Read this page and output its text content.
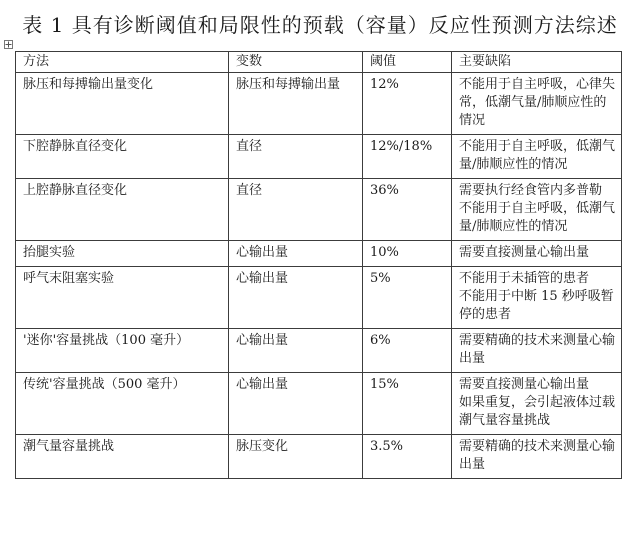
表 1 具有诊断阈值和局限性的预载（容量）反应性预测方法综述
方法	变数	阈值	主要缺陷
脉压和每搏输出量变化	脉压和每搏输出量	12%	不能用于自主呼吸，心律失常，低潮气量/肺顺应性的情况

下腔静脉直径变化	直径	12%/18%	不能用于自主呼吸，低潮气量/肺顺应性的情况

上腔静脉直径变化	直径	36%	需要执行经食管内多普勒
不能用于自主呼吸，低潮气量/肺顺应性的情况

抬腿实验	心输出量	10%	需要直接测量心输出量

呼气末阻塞实验	心输出量	5%	不能用于未插管的患者
不能用于中断 15 秒呼吸暂停的患者

'迷你'容量挑战（100 毫升）	心输出量	6%	需要精确的技术来测量心输出量

传统'容量挑战（500 毫升）	心输出量	15%	需要直接测量心输出量
如果重复，会引起液体过载潮气量容量挑战

潮气量容量挑战	脉压变化	3.5%	需要精确的技术来测量心输出量
